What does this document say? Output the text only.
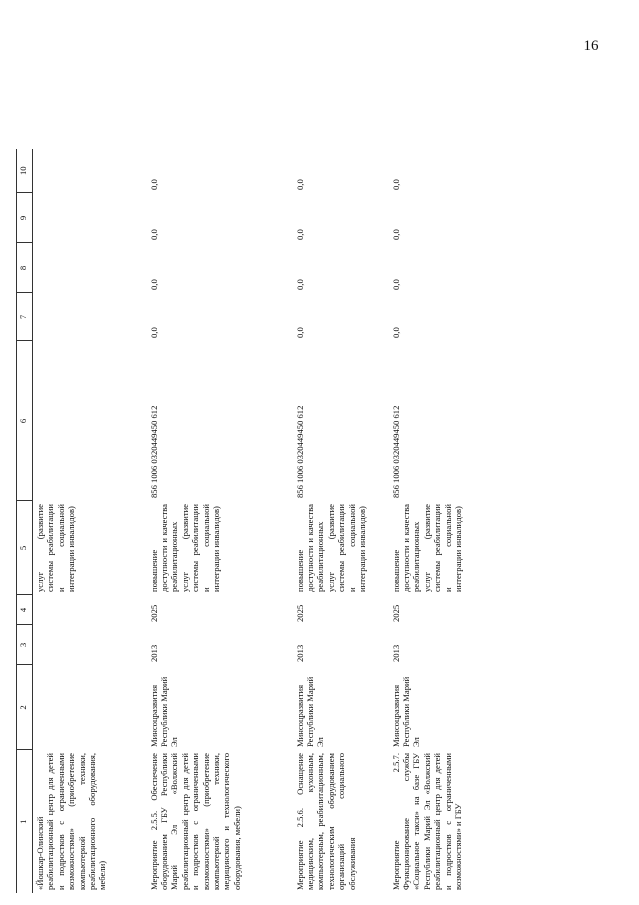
16
1	2	3	4	5	6	7	8	9	10
«Йошкар-Олинский реабилитационный центр для детей и подростков с ограниченными возможностями» (приобретение компьютерной техники, реабилитационного оборудования, мебели)				услуг (развитие системы реабилитации и социальной интеграции инвалидов)					
Мероприятие 2.5.5. Обеспечение оборудованием ГБУ Республики Марий Эл «Волжский реабилитационный центр для детей и подростков с ограниченными возможностями» (приобретение компьютерной техники, медицинского и технологического оборудования, мебели)	Минсоцразвития Республики Марий Эл	2013	2025	повышение доступности и качества реабилитационных услуг (развитие системы реабилитации и социальной интеграции инвалидов)	856 1006 0320449450 612	0,0	0,0	0,0	0,0
Мероприятие 2.5.6. Оснащение медицинским, кухонным, компьютерным, реабилитационным, технологическим оборудованием организаций социального обслуживания	Минсоцразвития Республики Марий Эл	2013	2025	повышение доступности и качества реабилитационных услуг (развитие системы реабилитации и социальной интеграции инвалидов)	856 1006 0320449450 612	0,0	0,0	0,0	0,0
Мероприятие 2.5.7. Функционирование службы «Социальное такси» на базе ГБУ Республики Марий Эл «Волжский реабилитационный центр для детей и подростков с ограниченными возможностями» и ГБУ	Минсоцразвития Республики Марий Эл	2013	2025	повышение доступности и качества реабилитационных услуг (развитие системы реабилитации и социальной интеграции инвалидов)	856 1006 0320449450 612	0,0	0,0	0,0	0,0
